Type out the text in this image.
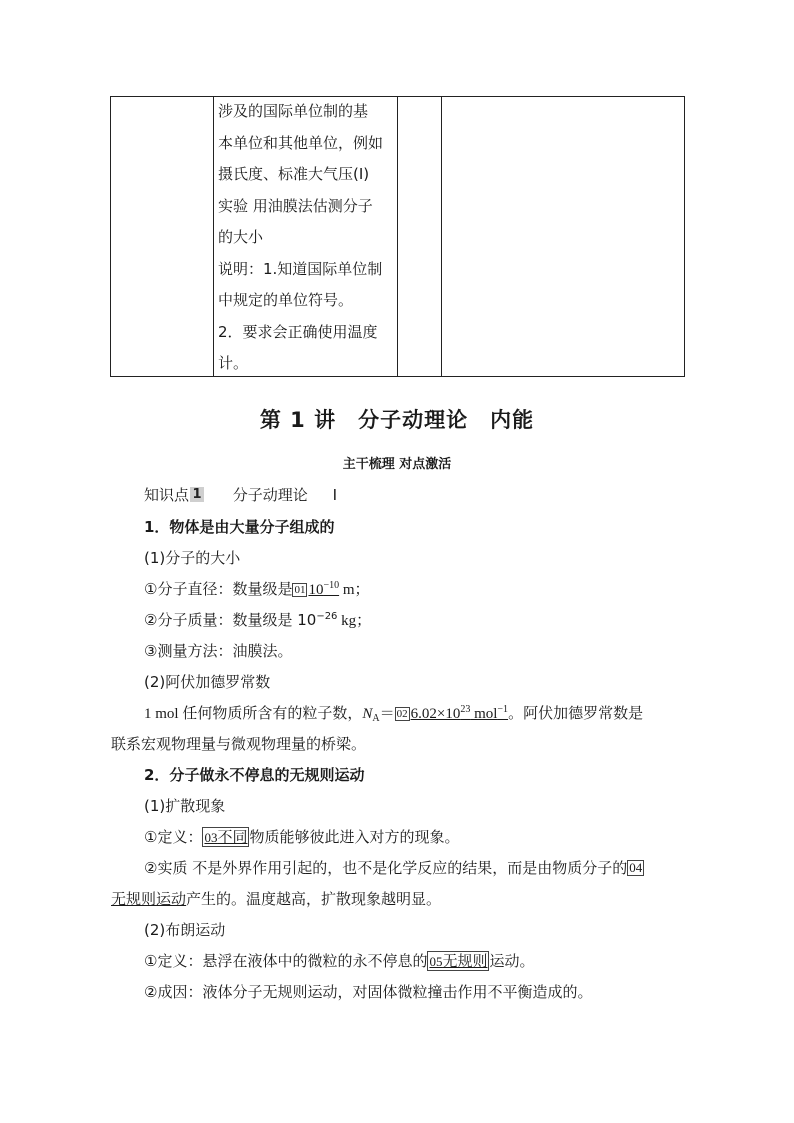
涉及的国际单位制的基
本单位和其他单位，例如
摄氏度、标准大气压(Ⅰ)
实验 用油膜法估测分子
的大小
说明：1.知道国际单位制
中规定的单位符号。
2．要求会正确使用温度
计。
第 1 讲　分子动理论　内能
主干梳理 对点激活
知识点 1 分子动理论 Ⅰ
1．物体是由大量分子组成的
(1)分子的大小
①分子直径：数量级是 01 $10^{-10}$ m；
②分子质量：数量级是 $10^{-26}$ kg；
③测量方法：油膜法。
(2)阿伏加德罗常数
1 mol 任何物质所含有的粒子数，$N_A= 02$ $6.02\times 10^{23}$ mol$^{-1}$。阿伏加德罗常数是
联系宏观物理量与微观物理量的桥梁。
2．分子做永不停息的无规则运动
(1)扩散现象
①定义： 03不同 物质能够彼此进入对方的现象。
②实质 不是外界作用引起的，也不是化学反应的结果，而是由物质分子的 04
无规则运动产生的。温度越高，扩散现象越明显。
(2)布朗运动
①定义：悬浮在液体中的微粒的永不停息的 05无规则 运动。
②成因：液体分子无规则运动，对固体微粒撞击作用不平衡造成的。
